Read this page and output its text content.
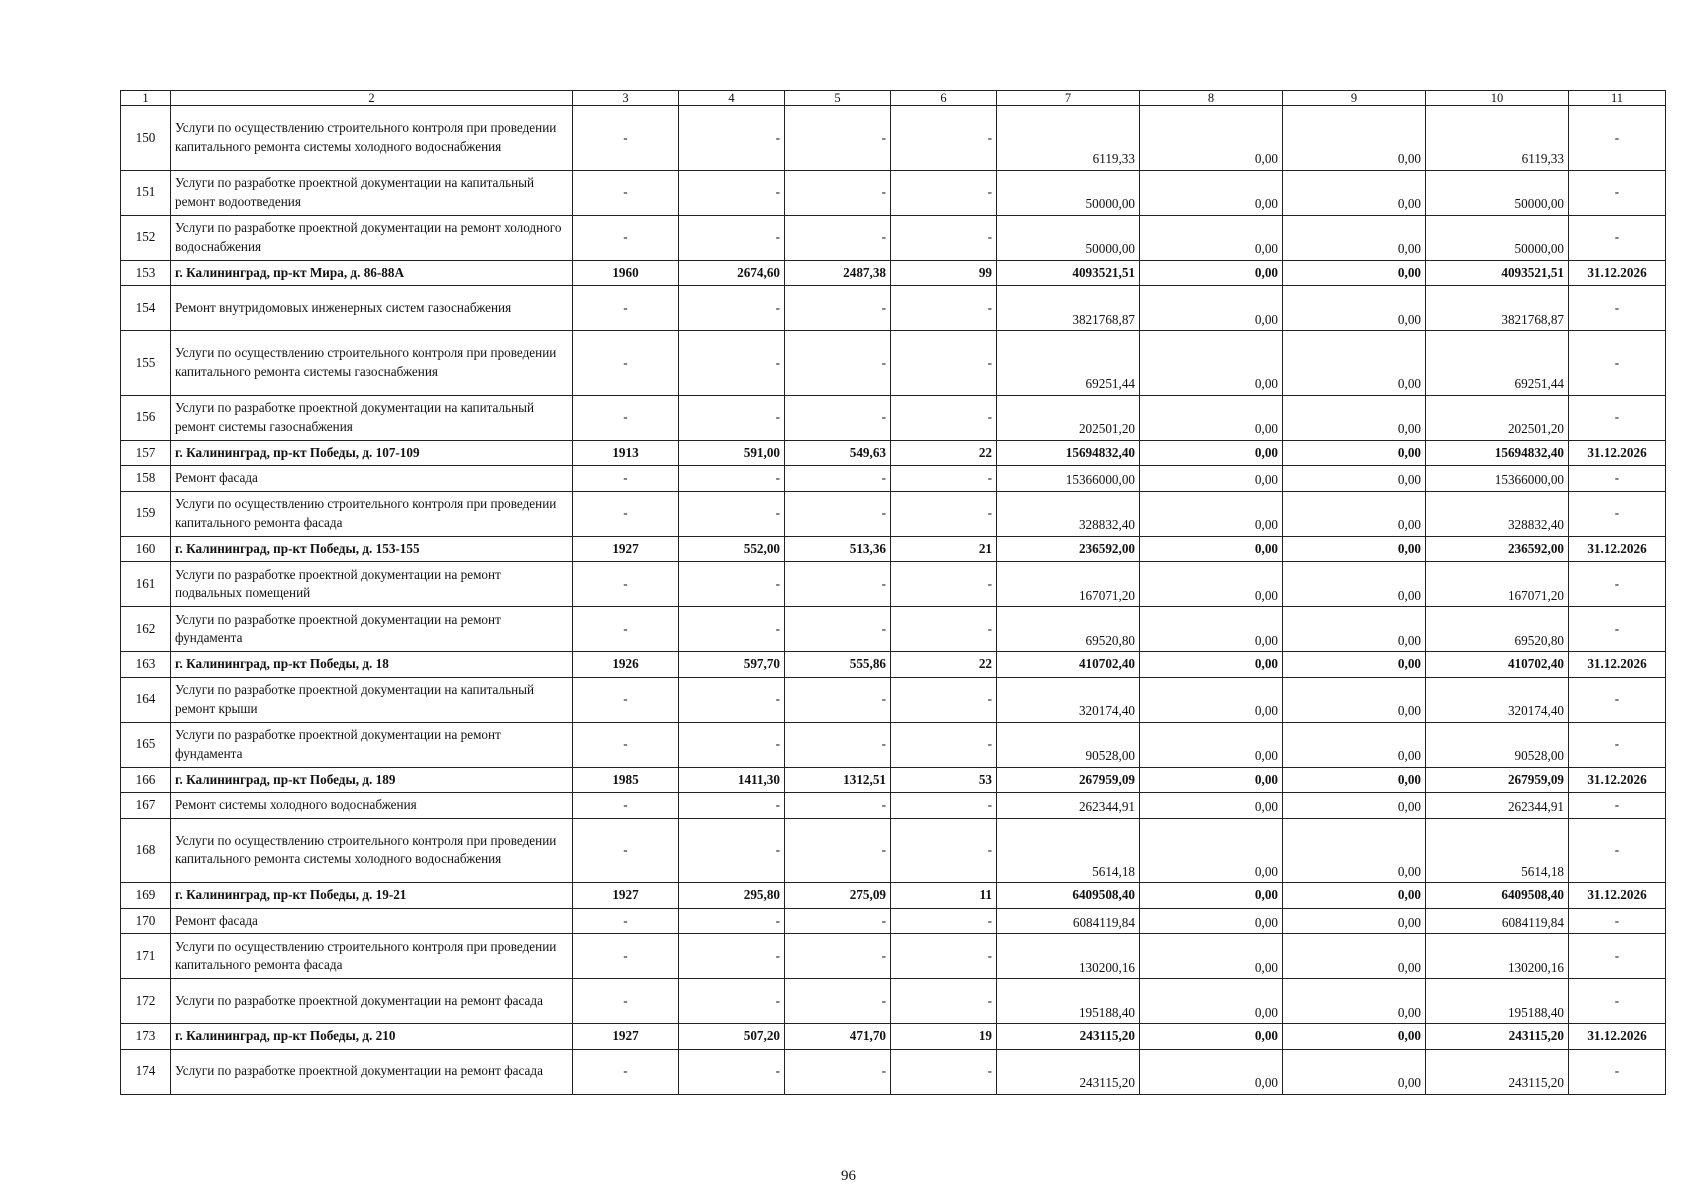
1	2	3	4	5	6	7	8	9	10	11
150	Услуги по осуществлению строительного контроля при проведении капитального ремонта системы холодного водоснабжения	-	-	-	-	6119,33	0,00	0,00	6119,33	-
151	Услуги по разработке проектной документации на капитальный ремонт водоотведения	-	-	-	-	50000,00	0,00	0,00	50000,00	-
152	Услуги по разработке проектной документации на ремонт холодного водоснабжения	-	-	-	-	50000,00	0,00	0,00	50000,00	-
153	г. Калининград, пр-кт Мира, д. 86-88А	1960	2674,60	2487,38	99	4093521,51	0,00	0,00	4093521,51	31.12.2026
154	Ремонт внутридомовых инженерных систем газоснабжения	-	-	-	-	3821768,87	0,00	0,00	3821768,87	-
155	Услуги по осуществлению строительного контроля при проведении капитального ремонта системы газоснабжения	-	-	-	-	69251,44	0,00	0,00	69251,44	-
156	Услуги по разработке проектной документации на капитальный ремонт системы газоснабжения	-	-	-	-	202501,20	0,00	0,00	202501,20	-
157	г. Калининград, пр-кт Победы, д. 107-109	1913	591,00	549,63	22	15694832,40	0,00	0,00	15694832,40	31.12.2026
158	Ремонт фасада	-	-	-	-	15366000,00	0,00	0,00	15366000,00	-
159	Услуги по осуществлению строительного контроля при проведении капитального ремонта фасада	-	-	-	-	328832,40	0,00	0,00	328832,40	-
160	г. Калининград, пр-кт Победы, д. 153-155	1927	552,00	513,36	21	236592,00	0,00	0,00	236592,00	31.12.2026
161	Услуги по разработке проектной документации на ремонт подвальных помещений	-	-	-	-	167071,20	0,00	0,00	167071,20	-
162	Услуги по разработке проектной документации на ремонт фундамента	-	-	-	-	69520,80	0,00	0,00	69520,80	-
163	г. Калининград, пр-кт Победы, д. 18	1926	597,70	555,86	22	410702,40	0,00	0,00	410702,40	31.12.2026
164	Услуги по разработке проектной документации на капитальный ремонт крыши	-	-	-	-	320174,40	0,00	0,00	320174,40	-
165	Услуги по разработке проектной документации на ремонт фундамента	-	-	-	-	90528,00	0,00	0,00	90528,00	-
166	г. Калининград, пр-кт Победы, д. 189	1985	1411,30	1312,51	53	267959,09	0,00	0,00	267959,09	31.12.2026
167	Ремонт системы холодного водоснабжения	-	-	-	-	262344,91	0,00	0,00	262344,91	-
168	Услуги по осуществлению строительного контроля при проведении капитального ремонта системы холодного водоснабжения	-	-	-	-	5614,18	0,00	0,00	5614,18	-
169	г. Калининград, пр-кт Победы, д. 19-21	1927	295,80	275,09	11	6409508,40	0,00	0,00	6409508,40	31.12.2026
170	Ремонт фасада	-	-	-	-	6084119,84	0,00	0,00	6084119,84	-
171	Услуги по осуществлению строительного контроля при проведении капитального ремонта фасада	-	-	-	-	130200,16	0,00	0,00	130200,16	-
172	Услуги по разработке проектной документации на ремонт фасада	-	-	-	-	195188,40	0,00	0,00	195188,40	-
173	г. Калининград, пр-кт Победы, д. 210	1927	507,20	471,70	19	243115,20	0,00	0,00	243115,20	31.12.2026
174	Услуги по разработке проектной документации на ремонт фасада	-	-	-	-	243115,20	0,00	0,00	243115,20	-
96
